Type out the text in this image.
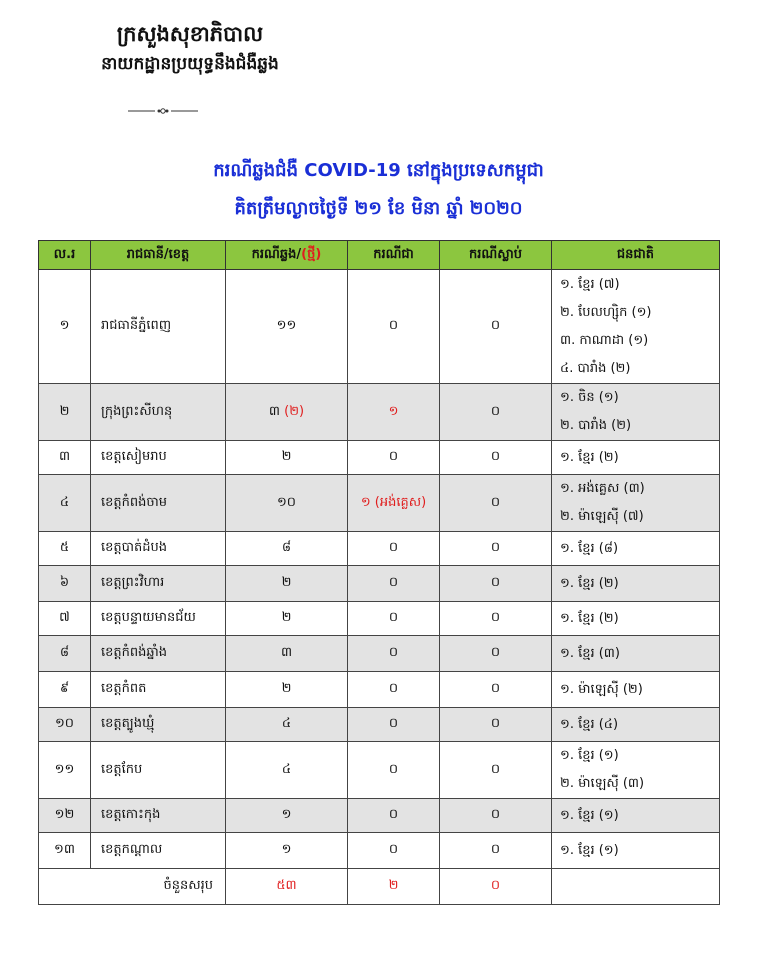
ក្រសួងសុខាភិបាល
នាយកដ្ឋានប្រយុទ្ធនឹងជំងឺឆ្លង
ករណីឆ្លងជំងឺ COVID-19 នៅក្នុងប្រទេសកម្ពុជា
គិតត្រឹមល្ងាចថ្ងៃទី ២១ ខែ មិនា ឆ្នាំ ២០២០
ល.រ	រាជធានី/ខេត្ត	ករណីឆ្លង/(ថ្មី)	ករណីជា	ករណីស្លាប់	ជនជាតិ
១	រាជធានីភ្នំពេញ	១១	០	០	១. ខ្មែរ (៧)
២. បែលហ្ស៊ិក (១)
៣. កាណាដា (១)
៤. បារាំង (២)

២	ក្រុងព្រះសីហនុ	៣ (២)	១	០	១. ចិន (១)
២. បារាំង (២)

៣	ខេត្តសៀមរាប	២	០	០	១. ខ្មែរ (២)

៤	ខេត្តកំពង់ចាម	១០	១ (អង់គ្លេស)	០	១. អង់គ្លេស (៣)
២. ម៉ាឡេស៊ី (៧)

៥	ខេត្តបាត់ដំបង	៨	០	០	១. ខ្មែរ (៨)

៦	ខេត្តព្រះវិហារ	២	០	០	១. ខ្មែរ (២)

៧	ខេត្តបន្ទាយមានជ័យ	២	០	០	១. ខ្មែរ (២)

៨	ខេត្តកំពង់ឆ្នាំង	៣	០	០	១. ខ្មែរ (៣)

៩	ខេត្តកំពត	២	០	០	១. ម៉ាឡេស៊ី (២)

១០	ខេត្តត្បូងឃ្មុំ	៤	០	០	១. ខ្មែរ (៤)

១១	ខេត្តកែប	៤	០	០	១. ខ្មែរ (១)
២. ម៉ាឡេស៊ី (៣)

១២	ខេត្តកោះកុង	១	០	០	១. ខ្មែរ (១)

១៣	ខេត្តកណ្ដាល	១	០	០	១. ខ្មែរ (១)

ចំនួនសរុប		៥៣	២	០	
